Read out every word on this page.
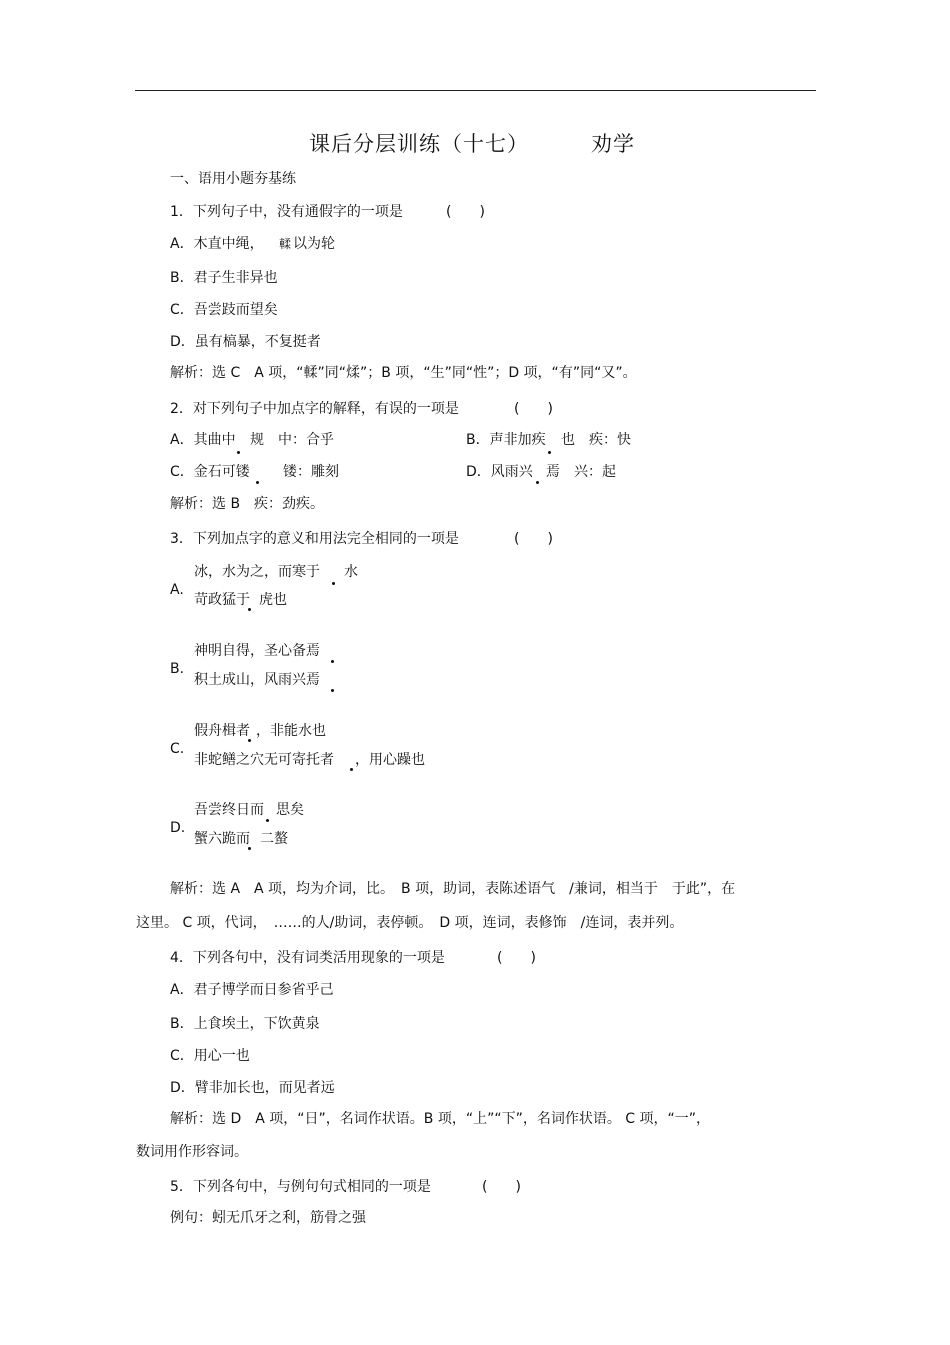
课后分层训练（十七）	劝学
一、语用小题夯基练
1．下列句子中，没有通假字的一项是	(　　)
A．木直中绳， 輮 以为轮
B．君子生非异也
C．吾尝跂而望矣
D．虽有槁暴，不复挺者
解析：选 C　A 项，“輮”同“煣”；B 项，“生”同“性”；D 项，“有”同“又”。
2．对下列句子中加点字的解释，有误的一项是	(　　)
A．其曲中 规　中：合乎	B．声非加疾 也　疾：快
C．金石可镂 镂：雕刻	D．风雨兴 焉　兴：起
解析：选 B　疾：劲疾。
3．下列加点字的意义和用法完全相同的一项是	(　　)
A.
冰，水为之，而寒于 水
苛政猛于 虎也
B.
神明自得，圣心备焉
积土成山，风雨兴焉
C.
假舟楫者 ，非能水也
非蛇鳝之穴无可寄托者 ，用心躁也
D.
吾尝终日而 思矣
蟹六跪而 二螯
解析：选 A　A 项，均为介词，比。　B 项，助词，表陈述语气　/兼词，相当于　于此”，在
这里。 C 项，代词，　……的人/助词，表停顿。　D 项，连词，表修饰　/连词，表并列。
4．下列各句中，没有词类活用现象的一项是	(　　)
A．君子博学而日参省乎己
B．上食埃土，下饮黄泉
C．用心一也
D．臂非加长也，而见者远
解析：选 D　A 项，“日”，名词作状语。B 项，“上”“下”，名词作状语。 C 项，“一”，
数词用作形容词。
5．下列各句中，与例句句式相同的一项是	(　　)
例句：蚓无爪牙之利，筋骨之强
